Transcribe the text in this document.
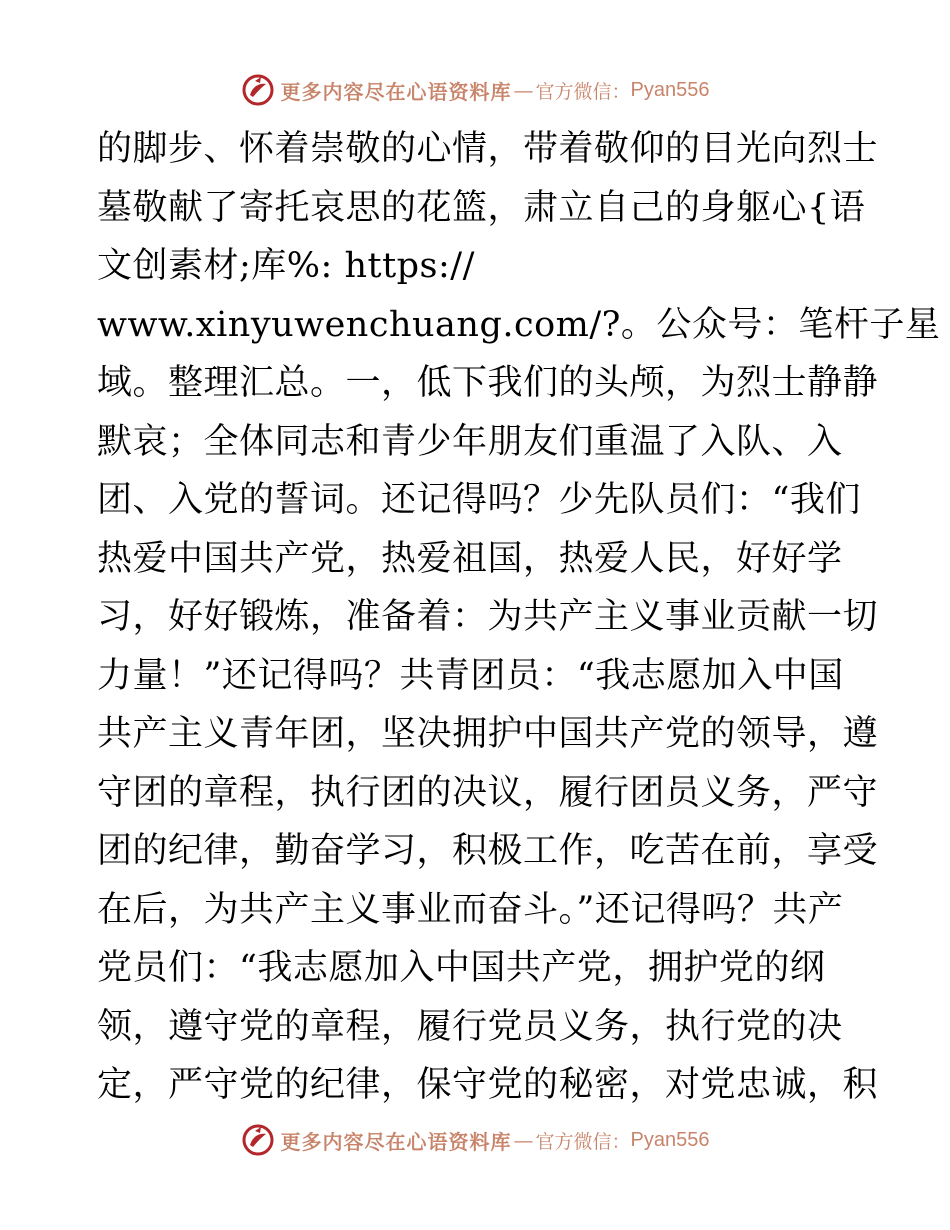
更多内容尽在心语资料库 — 官方微信： Pyan556
的脚步、怀着崇敬的心情，带着敬仰的目光向烈士
墓敬献了寄托哀思的花篮，肃立自己的身躯心{语
文创素材;库%: https://
www.xinyuwenchuang.com/?。公众号：笔杆子星
域。整理汇总。一，低下我们的头颅，为烈士静静
默哀；全体同志和青少年朋友们重温了入队、入
团、入党的誓词。还记得吗？少先队员们：“我们
热爱中国共产党，热爱祖国，热爱人民，好好学
习，好好锻炼，准备着：为共产主义事业贡献一切
力量！”还记得吗？共青团员：“我志愿加入中国
共产主义青年团，坚决拥护中国共产党的领导，遵
守团的章程，执行团的决议，履行团员义务，严守
团的纪律，勤奋学习，积极工作，吃苦在前，享受
在后，为共产主义事业而奋斗。”还记得吗？共产
党员们：“我志愿加入中国共产党，拥护党的纲
领，遵守党的章程，履行党员义务，执行党的决
定，严守党的纪律，保守党的秘密，对党忠诚，积
更多内容尽在心语资料库 — 官方微信： Pyan556
